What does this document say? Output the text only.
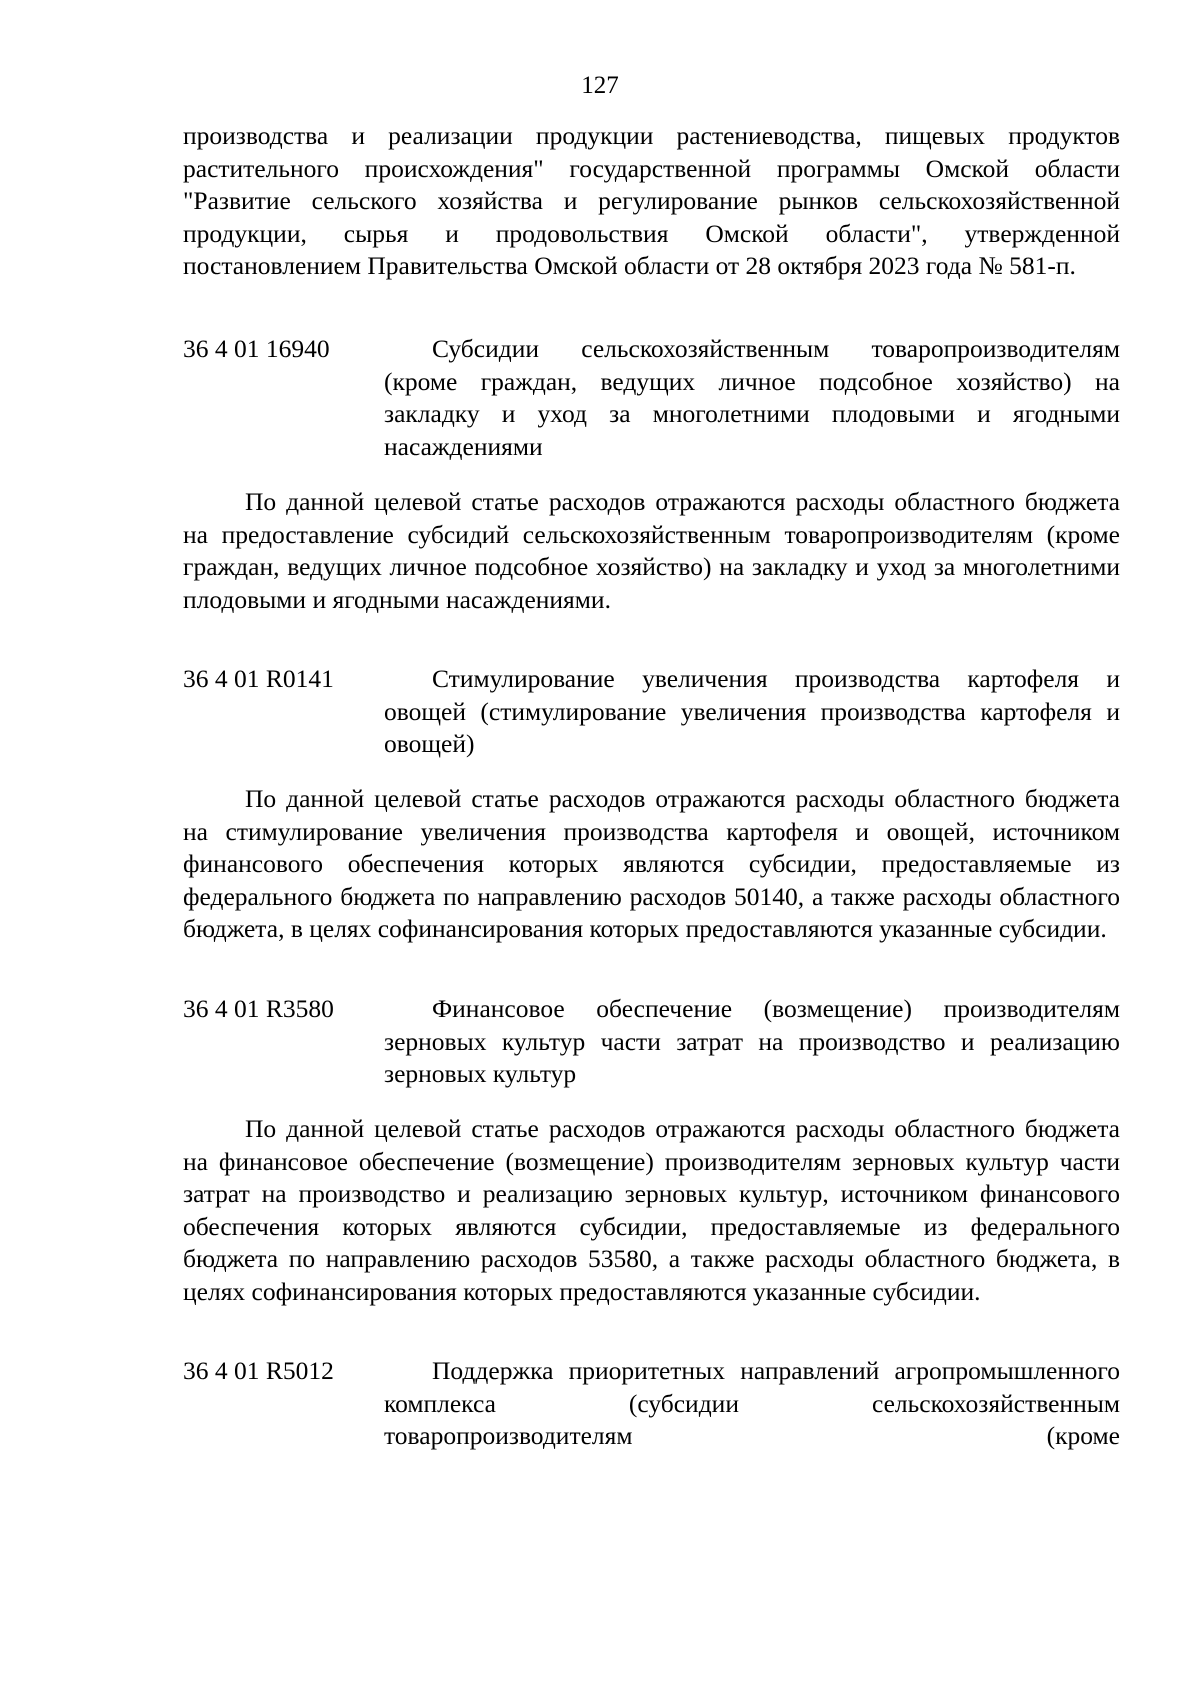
127

производства и реализации продукции растениеводства, пищевых продуктов растительного происхождения" государственной программы Омской области "Развитие сельского хозяйства и регулирование рынков сельскохозяйственной продукции, сырья и продовольствия Омской области", утвержденной постановлением Правительства Омской области от 28 октября 2023 года № 581-п.

36 4 01 16940	Субсидии сельскохозяйственным товаропроизводителям (кроме граждан, ведущих личное подсобное хозяйство) на закладку и уход за многолетними плодовыми и ягодными насаждениями

По данной целевой статье расходов отражаются расходы областного бюджета на предоставление субсидий сельскохозяйственным товаропроизводителям (кроме граждан, ведущих личное подсобное хозяйство) на закладку и уход за многолетними плодовыми и ягодными насаждениями.

36 4 01 R0141	Стимулирование увеличения производства картофеля и овощей (стимулирование увеличения производства картофеля и овощей)

По данной целевой статье расходов отражаются расходы областного бюджета на стимулирование увеличения производства картофеля и овощей, источником финансового обеспечения которых являются субсидии, предоставляемые из федерального бюджета по направлению расходов 50140, а также расходы областного бюджета, в целях софинансирования которых предоставляются указанные субсидии.

36 4 01 R3580	Финансовое обеспечение (возмещение) производителям зерновых культур части затрат на производство и реализацию зерновых культур

По данной целевой статье расходов отражаются расходы областного бюджета на финансовое обеспечение (возмещение) производителям зерновых культур части затрат на производство и реализацию зерновых культур, источником финансового обеспечения которых являются субсидии, предоставляемые из федерального бюджета по направлению расходов 53580, а также расходы областного бюджета, в целях софинансирования которых предоставляются указанные субсидии.

36 4 01 R5012	Поддержка приоритетных направлений агропромышленного комплекса (субсидии сельскохозяйственным товаропроизводителям (кроме
